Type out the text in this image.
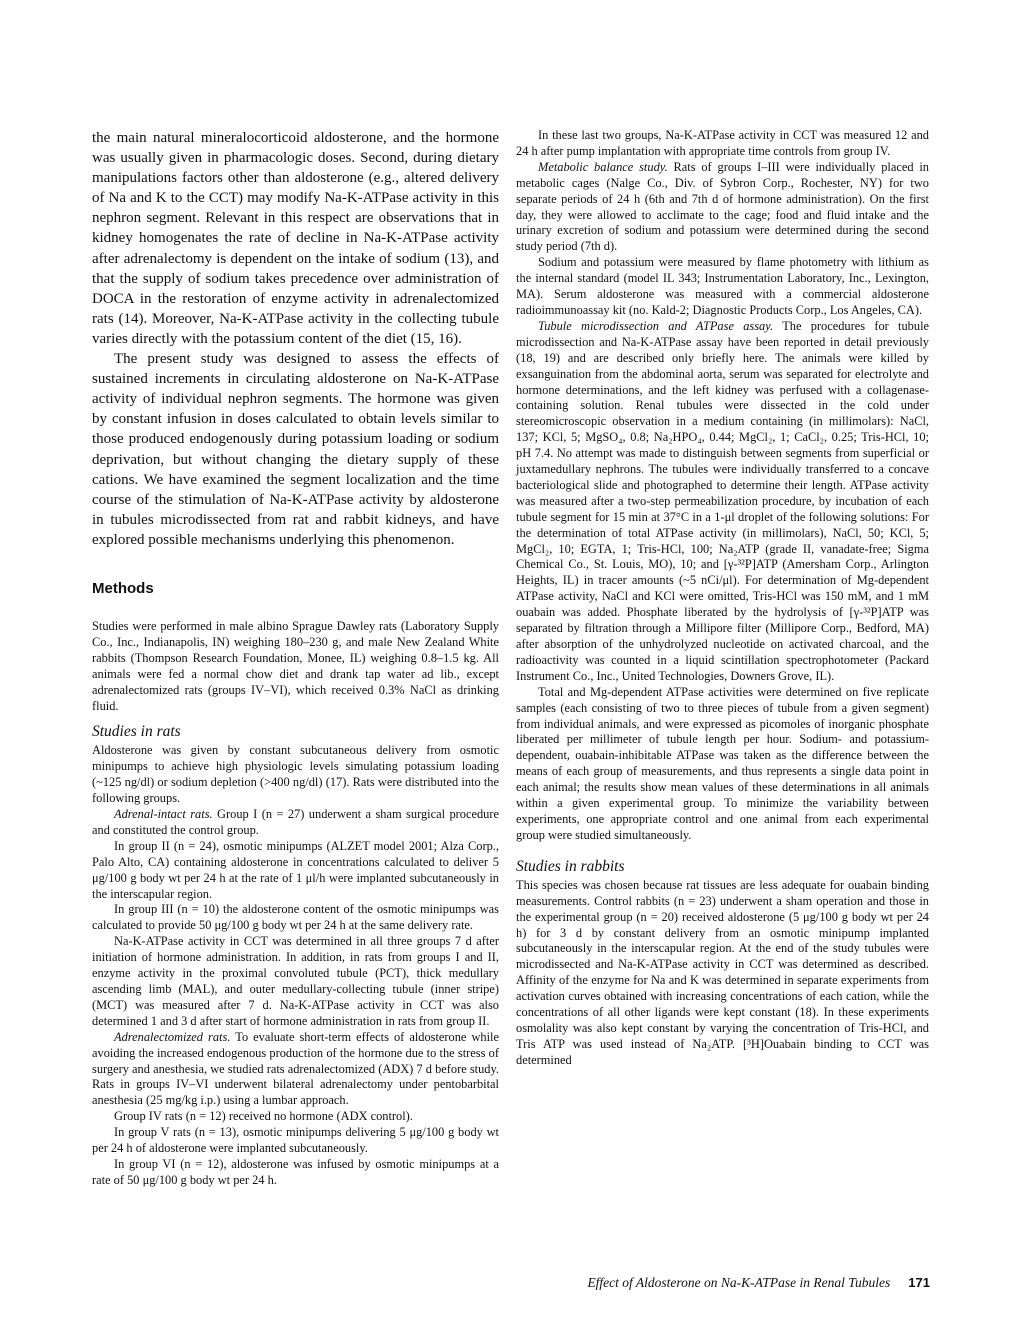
the main natural mineralocorticoid aldosterone, and the hormone was usually given in pharmacologic doses. Second, during dietary manipulations factors other than aldosterone (e.g., altered delivery of Na and K to the CCT) may modify Na-K-ATPase activity in this nephron segment. Relevant in this respect are observations that in kidney homogenates the rate of decline in Na-K-ATPase activity after adrenalectomy is dependent on the intake of sodium (13), and that the supply of sodium takes precedence over administration of DOCA in the restoration of enzyme activity in adrenalectomized rats (14). Moreover, Na-K-ATPase activity in the collecting tubule varies directly with the potassium content of the diet (15, 16).

The present study was designed to assess the effects of sustained increments in circulating aldosterone on Na-K-ATPase activity of individual nephron segments. The hormone was given by constant infusion in doses calculated to obtain levels similar to those produced endogenously during potassium loading or sodium deprivation, but without changing the dietary supply of these cations. We have examined the segment localization and the time course of the stimulation of Na-K-ATPase activity by aldosterone in tubules microdissected from rat and rabbit kidneys, and have explored possible mechanisms underlying this phenomenon.

Methods

Studies were performed in male albino Sprague Dawley rats (Laboratory Supply Co., Inc., Indianapolis, IN) weighing 180–230 g, and male New Zealand White rabbits (Thompson Research Foundation, Monee, IL) weighing 0.8–1.5 kg. All animals were fed a normal chow diet and drank tap water ad lib., except adrenalectomized rats (groups IV–VI), which received 0.3% NaCl as drinking fluid.

Studies in rats

Aldosterone was given by constant subcutaneous delivery from osmotic minipumps to achieve high physiologic levels simulating potassium loading (~125 ng/dl) or sodium depletion (>400 ng/dl) (17). Rats were distributed into the following groups.

Adrenal-intact rats. Group I (n = 27) underwent a sham surgical procedure and constituted the control group.

In group II (n = 24), osmotic minipumps (ALZET model 2001; Alza Corp., Palo Alto, CA) containing aldosterone in concentrations calculated to deliver 5 μg/100 g body wt per 24 h at the rate of 1 μl/h were implanted subcutaneously in the interscapular region.

In group III (n = 10) the aldosterone content of the osmotic minipumps was calculated to provide 50 μg/100 g body wt per 24 h at the same delivery rate.

Na-K-ATPase activity in CCT was determined in all three groups 7 d after initiation of hormone administration. In addition, in rats from groups I and II, enzyme activity in the proximal convoluted tubule (PCT), thick medullary ascending limb (MAL), and outer medullary-collecting tubule (inner stripe) (MCT) was measured after 7 d. Na-K-ATPase activity in CCT was also determined 1 and 3 d after start of hormone administration in rats from group II.

Adrenalectomized rats. To evaluate short-term effects of aldosterone while avoiding the increased endogenous production of the hormone due to the stress of surgery and anesthesia, we studied rats adrenalectomized (ADX) 7 d before study. Rats in groups IV–VI underwent bilateral adrenalectomy under pentobarbital anesthesia (25 mg/kg i.p.) using a lumbar approach.

Group IV rats (n = 12) received no hormone (ADX control).

In group V rats (n = 13), osmotic minipumps delivering 5 μg/100 g body wt per 24 h of aldosterone were implanted subcutaneously.

In group VI (n = 12), aldosterone was infused by osmotic minipumps at a rate of 50 μg/100 g body wt per 24 h.

In these last two groups, Na-K-ATPase activity in CCT was measured 12 and 24 h after pump implantation with appropriate time controls from group IV.

Metabolic balance study. Rats of groups I–III were individually placed in metabolic cages (Nalge Co., Div. of Sybron Corp., Rochester, NY) for two separate periods of 24 h (6th and 7th d of hormone administration). On the first day, they were allowed to acclimate to the cage; food and fluid intake and the urinary excretion of sodium and potassium were determined during the second study period (7th d).

Sodium and potassium were measured by flame photometry with lithium as the internal standard (model IL 343; Instrumentation Laboratory, Inc., Lexington, MA). Serum aldosterone was measured with a commercial aldosterone radioimmunoassay kit (no. Kald-2; Diagnostic Products Corp., Los Angeles, CA).

Tubule microdissection and ATPase assay. The procedures for tubule microdissection and Na-K-ATPase assay have been reported in detail previously (18, 19) and are described only briefly here. The animals were killed by exsanguination from the abdominal aorta, serum was separated for electrolyte and hormone determinations, and the left kidney was perfused with a collagenase-containing solution. Renal tubules were dissected in the cold under stereomicroscopic observation in a medium containing (in millimolars): NaCl, 137; KCl, 5; MgSO₄, 0.8; Na₂HPO₄, 0.44; MgCl₂, 1; CaCl₂, 0.25; Tris-HCl, 10; pH 7.4. No attempt was made to distinguish between segments from superficial or juxtamedullary nephrons. The tubules were individually transferred to a concave bacteriological slide and photographed to determine their length. ATPase activity was measured after a two-step permeabilization procedure, by incubation of each tubule segment for 15 min at 37°C in a 1-μl droplet of the following solutions: For the determination of total ATPase activity (in millimolars), NaCl, 50; KCl, 5; MgCl₂, 10; EGTA, 1; Tris-HCl, 100; Na₂ATP (grade II, vanadate-free; Sigma Chemical Co., St. Louis, MO), 10; and [γ-³²P]ATP (Amersham Corp., Arlington Heights, IL) in tracer amounts (~5 nCi/μl). For determination of Mg-dependent ATPase activity, NaCl and KCl were omitted, Tris-HCl was 150 mM, and 1 mM ouabain was added. Phosphate liberated by the hydrolysis of [γ-³²P]ATP was separated by filtration through a Millipore filter (Millipore Corp., Bedford, MA) after absorption of the unhydrolyzed nucleotide on activated charcoal, and the radioactivity was counted in a liquid scintillation spectrophotometer (Packard Instrument Co., Inc., United Technologies, Downers Grove, IL).

Total and Mg-dependent ATPase activities were determined on five replicate samples (each consisting of two to three pieces of tubule from a given segment) from individual animals, and were expressed as picomoles of inorganic phosphate liberated per millimeter of tubule length per hour. Sodium- and potassium-dependent, ouabain-inhibitable ATPase was taken as the difference between the means of each group of measurements, and thus represents a single data point in each animal; the results show mean values of these determinations in all animals within a given experimental group. To minimize the variability between experiments, one appropriate control and one animal from each experimental group were studied simultaneously.

Studies in rabbits

This species was chosen because rat tissues are less adequate for ouabain binding measurements. Control rabbits (n = 23) underwent a sham operation and those in the experimental group (n = 20) received aldosterone (5 μg/100 g body wt per 24 h) for 3 d by constant delivery from an osmotic minipump implanted subcutaneously in the interscapular region. At the end of the study tubules were microdissected and Na-K-ATPase activity in CCT was determined as described. Affinity of the enzyme for Na and K was determined in separate experiments from activation curves obtained with increasing concentrations of each cation, while the concentrations of all other ligands were kept constant (18). In these experiments osmolality was also kept constant by varying the concentration of Tris-HCl, and Tris ATP was used instead of Na₂ATP. [³H]Ouabain binding to CCT was determined

Effect of Aldosterone on Na-K-ATPase in Renal Tubules 171
